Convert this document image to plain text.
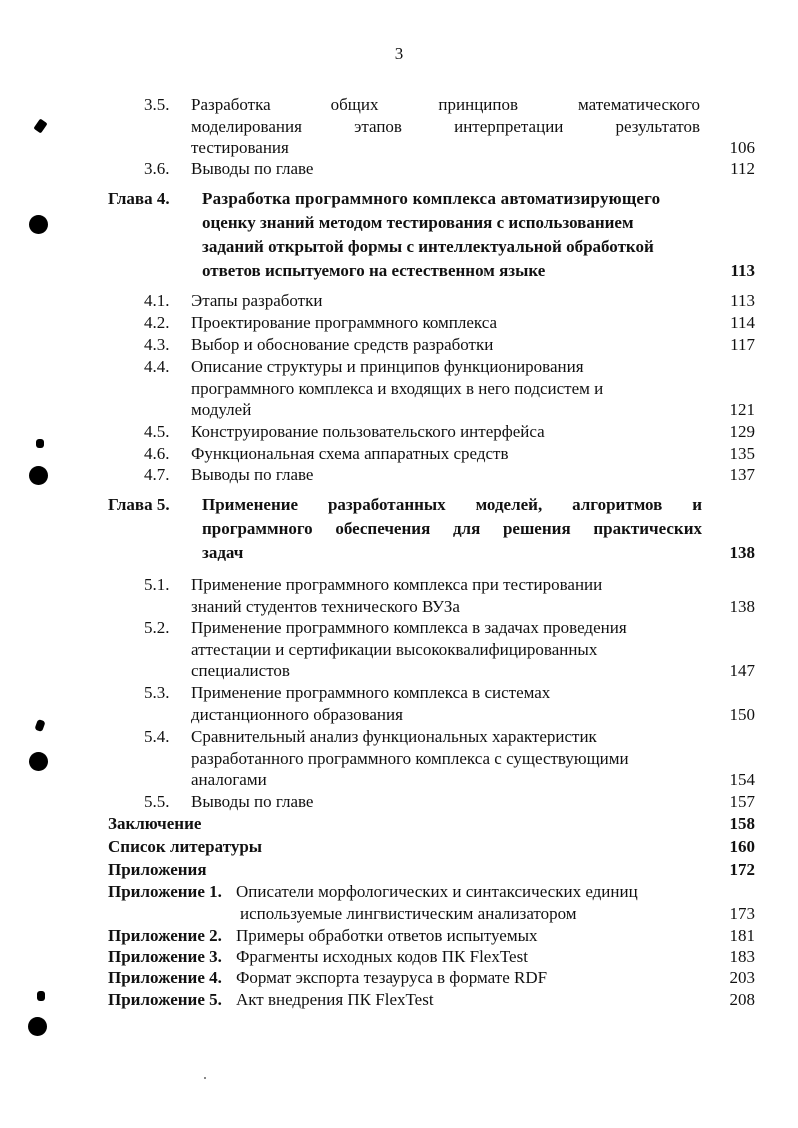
3
3.5. Разработка общих принципов математического
моделирования этапов интерпретации результатов
тестирования	106
3.6. Выводы по главе	112
Глава 4. Разработка программного комплекса автоматизирующего
оценку знаний методом тестирования с использованием
заданий открытой формы с интеллектуальной обработкой
ответов испытуемого на естественном языке	113
4.1. Этапы разработки	113
4.2. Проектирование программного комплекса	114
4.3. Выбор и обоснование средств разработки	117
4.4. Описание структуры и принципов функционирования
программного комплекса и входящих в него подсистем и
модулей	121
4.5. Конструирование пользовательского интерфейса	129
4.6. Функциональная схема аппаратных средств	135
4.7. Выводы по главе	137
Глава 5. Применение разработанных моделей, алгоритмов и
программного обеспечения для решения практических
задач	138
5.1. Применение программного комплекса при тестировании
знаний студентов технического ВУЗа	138
5.2. Применение программного комплекса в задачах проведения
аттестации и сертификации высококвалифицированных
специалистов	147
5.3. Применение программного комплекса в системах
дистанционного образования	150
5.4. Сравнительный анализ функциональных характеристик
разработанного программного комплекса с существующими
аналогами	154
5.5. Выводы по главе	157
Заключение	158
Список литературы	160
Приложения	172
Приложение 1. Описатели морфологических и синтаксических единиц
используемые лингвистическим анализатором	173
Приложение 2. Примеры обработки ответов испытуемых	181
Приложение 3. Фрагменты исходных кодов ПК FlexTest	183
Приложение 4. Формат экспорта тезауруса в формате RDF	203
Приложение 5. Акт внедрения ПК FlexTest	208
